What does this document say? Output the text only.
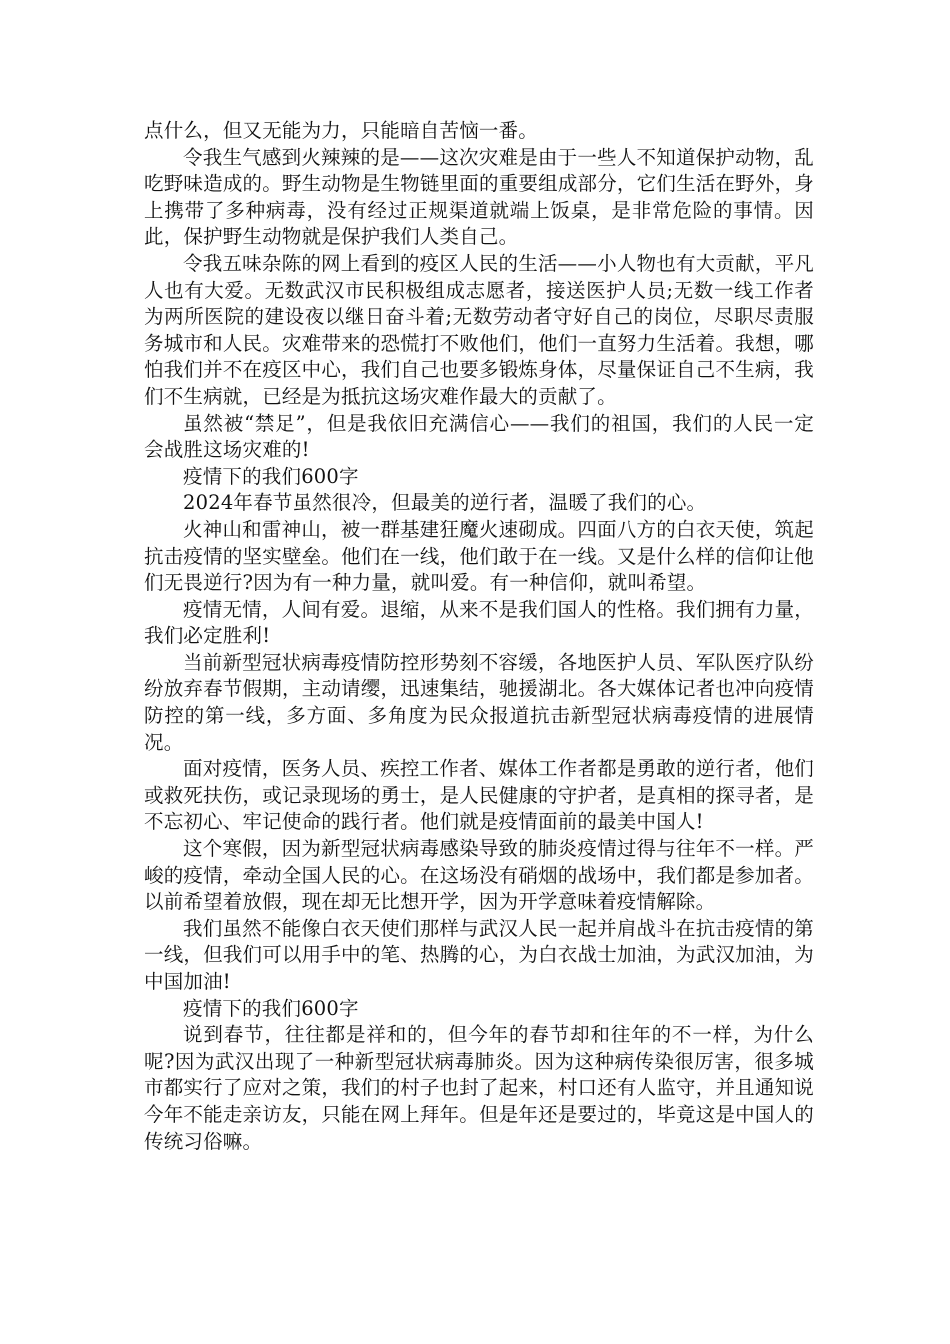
点什么，但又无能为力，只能暗自苦恼一番。

令我生气感到火辣辣的是——这次灾难是由于一些人不知道保护动物，乱吃野味造成的。野生动物是生物链里面的重要组成部分，它们生活在野外，身上携带了多种病毒，没有经过正规渠道就端上饭桌，是非常危险的事情。因此，保护野生动物就是保护我们人类自己。

令我五味杂陈的网上看到的疫区人民的生活——小人物也有大贡献，平凡人也有大爱。无数武汉市民积极组成志愿者，接送医护人员;无数一线工作者为两所医院的建设夜以继日奋斗着;无数劳动者守好自己的岗位，尽职尽责服务城市和人民。灾难带来的恐慌打不败他们，他们一直努力生活着。我想，哪怕我们并不在疫区中心，我们自己也要多锻炼身体，尽量保证自己不生病，我们不生病就，已经是为抵抗这场灾难作最大的贡献了。

虽然被“禁足”，但是我依旧充满信心——我们的祖国，我们的人民一定会战胜这场灾难的!

疫情下的我们600字

2024年春节虽然很冷，但最美的逆行者，温暖了我们的心。

火神山和雷神山，被一群基建狂魔火速砌成。四面八方的白衣天使，筑起抗击疫情的坚实壁垒。他们在一线，他们敢于在一线。又是什么样的信仰让他们无畏逆行?因为有一种力量，就叫爱。有一种信仰，就叫希望。

疫情无情，人间有爱。退缩，从来不是我们国人的性格。我们拥有力量，我们必定胜利!

当前新型冠状病毒疫情防控形势刻不容缓，各地医护人员、军队医疗队纷纷放弃春节假期，主动请缨，迅速集结，驰援湖北。各大媒体记者也冲向疫情防控的第一线，多方面、多角度为民众报道抗击新型冠状病毒疫情的进展情况。

面对疫情，医务人员、疾控工作者、媒体工作者都是勇敢的逆行者，他们或救死扶伤，或记录现场的勇士，是人民健康的守护者，是真相的探寻者，是不忘初心、牢记使命的践行者。他们就是疫情面前的最美中国人!

这个寒假，因为新型冠状病毒感染导致的肺炎疫情过得与往年不一样。严峻的疫情，牵动全国人民的心。在这场没有硝烟的战场中，我们都是参加者。以前希望着放假，现在却无比想开学，因为开学意味着疫情解除。

我们虽然不能像白衣天使们那样与武汉人民一起并肩战斗在抗击疫情的第一线，但我们可以用手中的笔、热腾的心，为白衣战士加油，为武汉加油，为中国加油!

疫情下的我们600字

说到春节，往往都是祥和的，但今年的春节却和往年的不一样，为什么呢?因为武汉出现了一种新型冠状病毒肺炎。因为这种病传染很厉害，很多城市都实行了应对之策，我们的村子也封了起来，村口还有人监守，并且通知说今年不能走亲访友，只能在网上拜年。但是年还是要过的，毕竟这是中国人的传统习俗嘛。
